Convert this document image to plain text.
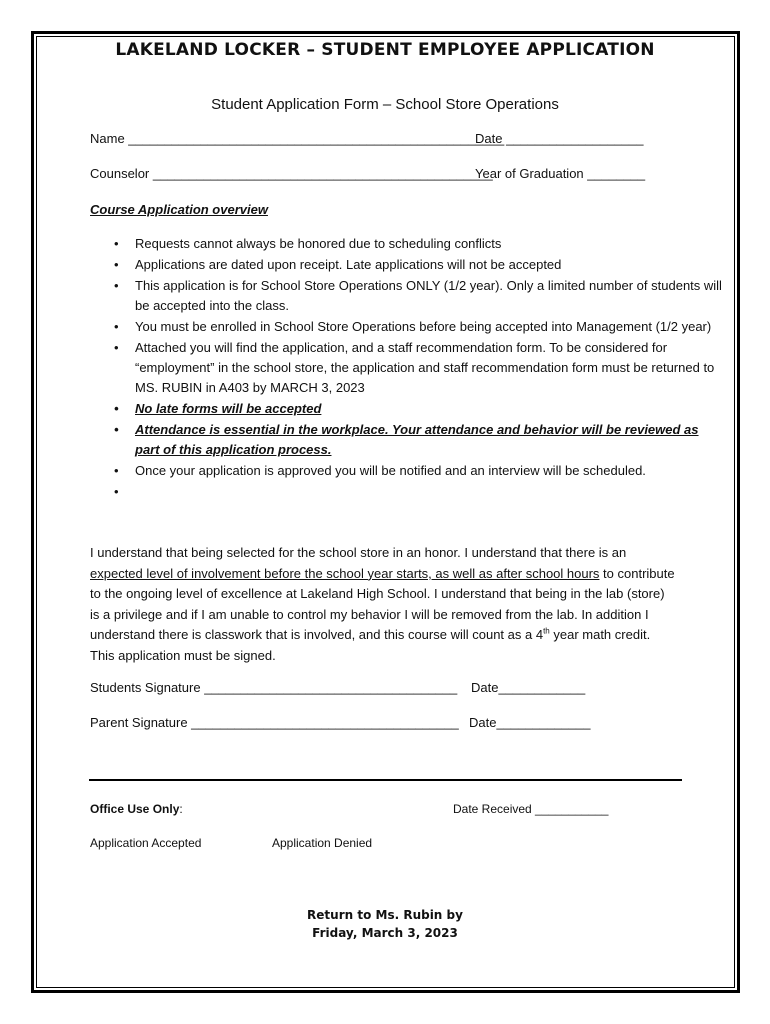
LAKELAND LOCKER – STUDENT EMPLOYEE APPLICATION
Student Application Form – School Store Operations
Name ____________________________________________________
Date ___________________
Counselor _______________________________________________
Year of Graduation ________
Course Application overview
• Requests cannot always be honored due to scheduling conflicts
• Applications are dated upon receipt. Late applications will not be accepted
• This application is for School Store Operations ONLY (1/2 year). Only a limited number of students will be accepted into the class.
• You must be enrolled in School Store Operations before being accepted into Management (1/2 year)
• Attached you will find the application, and a staff recommendation form. To be considered for “employment” in the school store, the application and staff recommendation form must be returned to MS. RUBIN in A403 by MARCH 3, 2023
• No late forms will be accepted
• Attendance is essential in the workplace. Your attendance and behavior will be reviewed as part of this application process.
• Once your application is approved you will be notified and an interview will be scheduled.
•
I understand that being selected for the school store in an honor. I understand that there is an expected level of involvement before the school year starts, as well as after school hours to contribute to the ongoing level of excellence at Lakeland High School. I understand that being in the lab (store) is a privilege and if I am unable to control my behavior I will be removed from the lab. In addition I understand there is classwork that is involved, and this course will count as a 4th year math credit. This application must be signed.
Students Signature ___________________________________ Date____________
Parent Signature _____________________________________ Date_____________
Office Use Only:	Date Received ___________
Application Accepted	Application Denied
Return to Ms. Rubin by
Friday, March 3, 2023
